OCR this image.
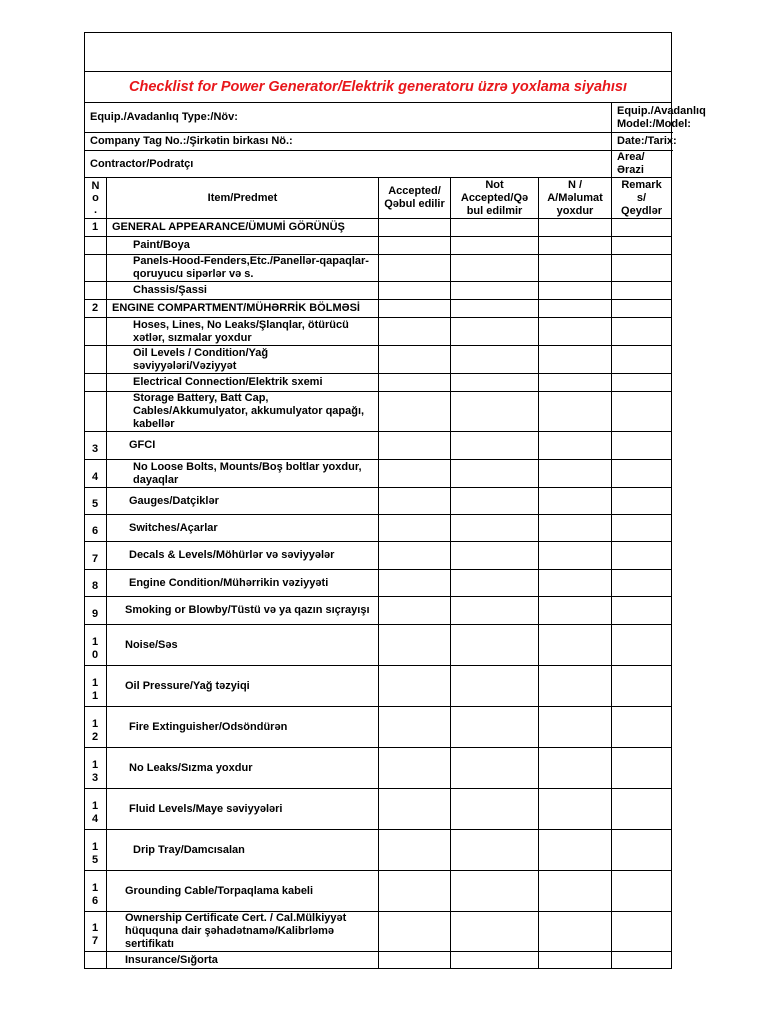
Checklist for Power Generator/Elektrik generatoru üzrə yoxlama siyahısı					
Equip./Avadanlıq Type:/Növ:					Equip./Avadanlıq Model:/Model:
Company Tag No.:/Şirkətin birkası Nö.:					Date:/Tarix:
Contractor/Podratçı					Area/Ərazi

N
o
.	Item/Predmet	Accepted/ Qəbul edilir	Not Accepted/Qə bul edilmir	N / A/Məlumat yoxdur	Remark s/ Qeydlər

1	GENERAL APPEARANCE/ÜMUMİ GÖRÜNÜŞ				
	Paint/Boya				
	Panels-Hood-Fenders,Etc./Panellər-qapaqlar-qoruyucu sipərlər və s.				
	Chassis/Şassi				

2	ENGINE COMPARTMENT/MÜHƏRRİK BÖLMƏSİ				
	Hoses, Lines, No Leaks/Şlanqlar, ötürücü xətlər, sızmalar yoxdur				
	Oil Levels / Condition/Yağ səviyyələri/Vəziyyət				
	Electrical Connection/Elektrik sxemi				
	Storage Battery, Batt Cap, Cables/Akkumulyator, akkumulyator qapağı, kabellər				

3	GFCI				

4	No Loose Bolts, Mounts/Boş boltlar yoxdur, dayaqlar				

5	Gauges/Datçiklər				

6	Switches/Açarlar				

7	Decals & Levels/Möhürlər və səviyyələr				

8	Engine Condition/Mühərrikin vəziyyəti				

9	Smoking or Blowby/Tüstü və ya qazın sıçrayışı				

1
0	Noise/Səs				

1
1	Oil Pressure/Yağ təzyiqi				

1
2	Fire Extinguisher/Odsöndürən				

1
3	No Leaks/Sızma yoxdur				

1
4	Fluid Levels/Maye səviyyələri				

1
5	Drip Tray/Damcısalan				

1
6	Grounding Cable/Torpaqlama kabeli				

1
7	Ownership Certificate Cert. / Cal.Mülkiyyət hüququna dair şəhadətnamə/Kalibrləmə sertifikatı				
	Insurance/Sığorta				
